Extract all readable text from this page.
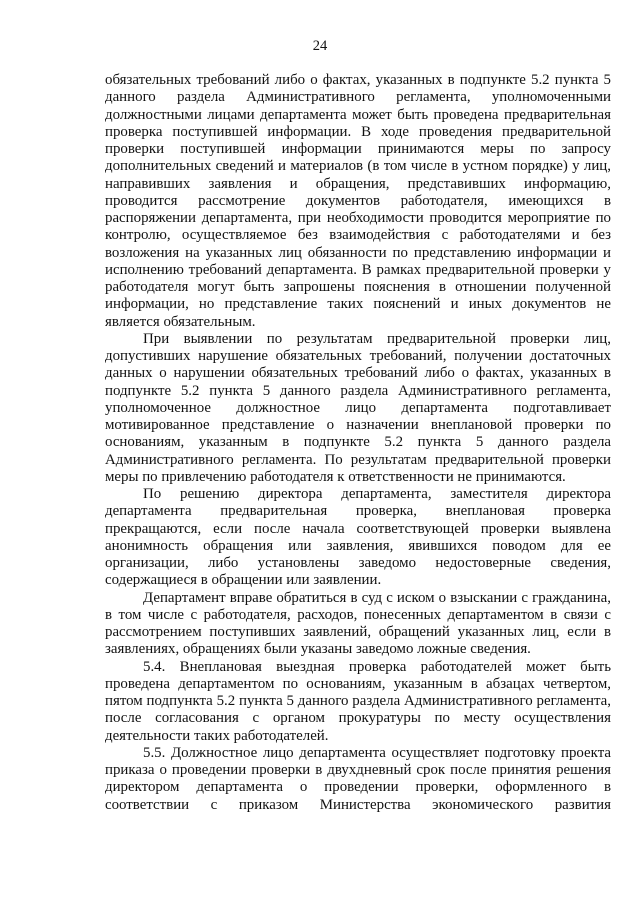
24

обязательных требований либо о фактах, указанных в подпункте 5.2 пункта 5 данного раздела Административного регламента, уполномоченными должностными лицами департамента может быть проведена предварительная проверка поступившей информации. В ходе проведения предварительной проверки поступившей информации принимаются меры по запросу дополнительных сведений и материалов (в том числе в устном порядке) у лиц, направивших заявления и обращения, представивших информацию, проводится рассмотрение документов работодателя, имеющихся в распоряжении департамента, при необходимости проводится мероприятие по контролю, осуществляемое без взаимодействия с работодателями и без возложения на указанных лиц обязанности по представлению информации и исполнению требований департамента. В рамках предварительной проверки у работодателя могут быть запрошены пояснения в отношении полученной информации, но представление таких пояснений и иных документов не является обязательным.

При выявлении по результатам предварительной проверки лиц, допустивших нарушение обязательных требований, получении достаточных данных о нарушении обязательных требований либо о фактах, указанных в подпункте 5.2 пункта 5 данного раздела Административного регламента, уполномоченное должностное лицо департамента подготавливает мотивированное представление о назначении внеплановой проверки по основаниям, указанным в подпункте 5.2 пункта 5 данного раздела Административного регламента. По результатам предварительной проверки меры по привлечению работодателя к ответственности не принимаются.

По решению директора департамента, заместителя директора департамента предварительная проверка, внеплановая проверка прекращаются, если после начала соответствующей проверки выявлена анонимность обращения или заявления, явившихся поводом для ее организации, либо установлены заведомо недостоверные сведения, содержащиеся в обращении или заявлении.

Департамент вправе обратиться в суд с иском о взыскании с гражданина, в том числе с работодателя, расходов, понесенных департаментом в связи с рассмотрением поступивших заявлений, обращений указанных лиц, если в заявлениях, обращениях были указаны заведомо ложные сведения.

5.4. Внеплановая выездная проверка работодателей может быть проведена департаментом по основаниям, указанным в абзацах четвертом, пятом подпункта 5.2 пункта 5 данного раздела Административного регламента, после согласования с органом прокуратуры по месту осуществления деятельности таких работодателей.

5.5. Должностное лицо департамента осуществляет подготовку проекта приказа о проведении проверки в двухдневный срок после принятия решения директором департамента о проведении проверки, оформленного в соответствии с приказом Министерства экономического развития
